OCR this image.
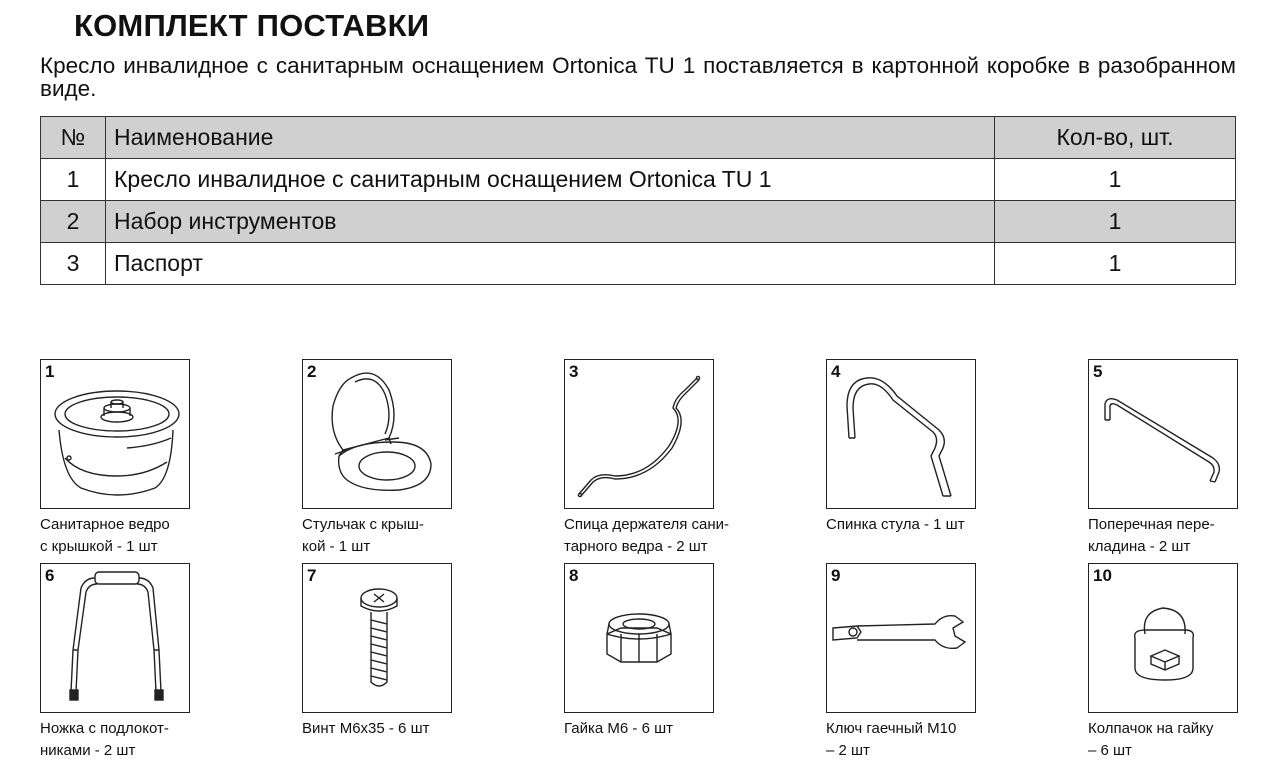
КОМПЛЕКТ ПОСТАВКИ
Кресло инвалидное с санитарным оснащением Ortonica TU 1 поставляется в картонной коробке в разобранном виде.
№	Наименование	Кол-во, шт.
1	Кресло инвалидное с санитарным оснащением Ortonica TU 1	1
2	Набор инструментов	1
3	Паспорт	1
1
Санитарное ведро
с крышкой - 1 шт
2
Стульчак с крыш-
кой - 1 шт
3
Спица держателя сани-
тарного ведра - 2 шт
4
Спинка стула - 1 шт
5
Поперечная пере-
кладина - 2 шт
6
Ножка с подлокот-
никами - 2 шт
7
Винт М6х35 - 6 шт
8
Гайка М6 - 6 шт
9
Ключ гаечный М10
– 2 шт
10
Колпачок на гайку
– 6 шт
